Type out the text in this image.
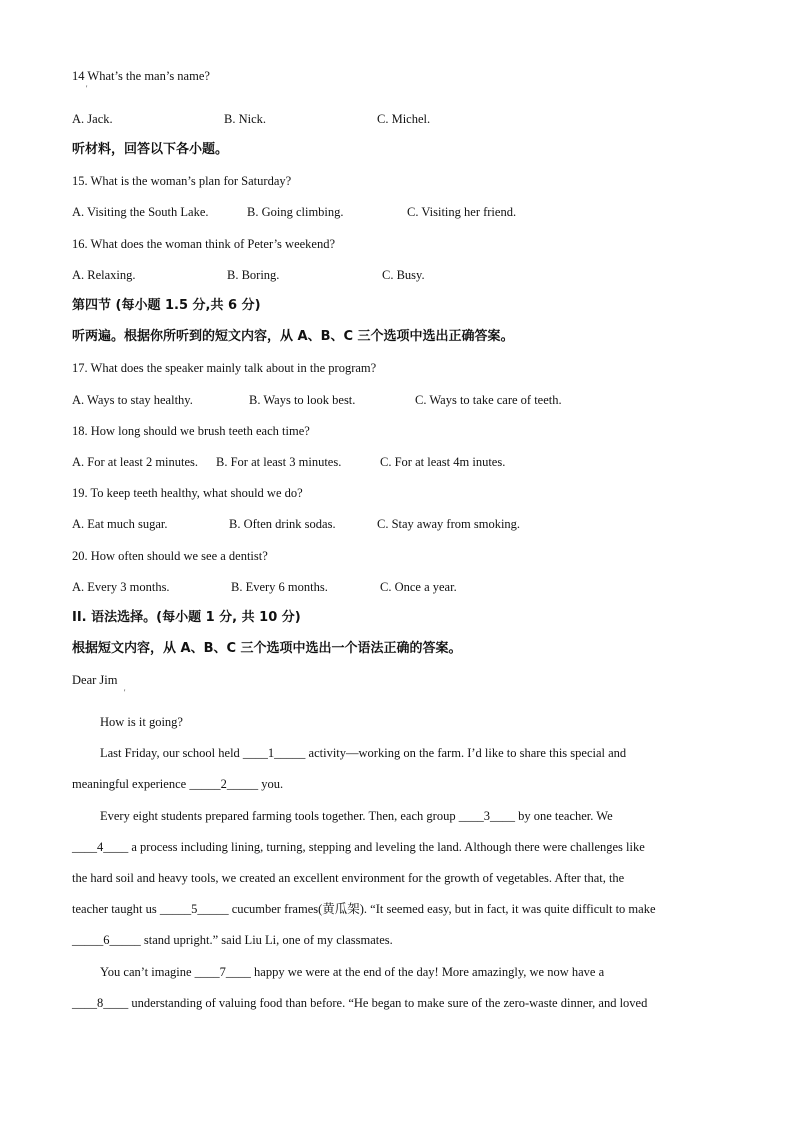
14 What’s the man’s name?
'
A. Jack.	B. Nick.	C. Michel.
听材料，回答以下各小题。
15. What is the woman’s plan for Saturday?
A. Visiting the South Lake.	B. Going climbing.	C. Visiting her friend.
16. What does the woman think of Peter’s weekend?
A. Relaxing.	B. Boring.	C. Busy.
第四节 (每小题 1.5 分,共 6 分)
听两遍。根据你所听到的短文内容，从 A、B、C 三个选项中选出正确答案。
17. What does the speaker mainly talk about in the program?
A. Ways to stay healthy.	B. Ways to look best.	C. Ways to take care of teeth.
18. How long should we brush teeth each time?
A. For at least 2 minutes. B. For at least 3 minutes.	C. For at least 4m inutes.
19. To keep teeth healthy, what should we do?
A. Eat much sugar.	B. Often drink sodas.	C. Stay away from smoking.
20. How often should we see a dentist?
A. Every 3 months.	B. Every 6 months.	C. Once a year.
II. 语法选择。(每小题 1 分, 共 10 分)
根据短文内容，从 A、B、C 三个选项中选出一个语法正确的答案。
Dear Jim
'
How is it going?
Last Friday, our school held ____1_____ activity—working on the farm. I’d like to share this special and
meaningful experience _____2_____ you.
Every eight students prepared farming tools together. Then, each group ____3____ by one teacher. We
____4____ a process including lining, turning, stepping and leveling the land. Although there were challenges like
the hard soil and heavy tools, we created an excellent environment for the growth of vegetables. After that, the
teacher taught us _____5_____ cucumber frames(黄瓜架). “It seemed easy, but in fact, it was quite difficult to make
_____6_____ stand upright.” said Liu Li, one of my classmates.
You can’t imagine ____7____ happy we were at the end of the day! More amazingly, we now have a
____8____ understanding of valuing food than before. “He began to make sure of the zero-waste dinner, and loved
